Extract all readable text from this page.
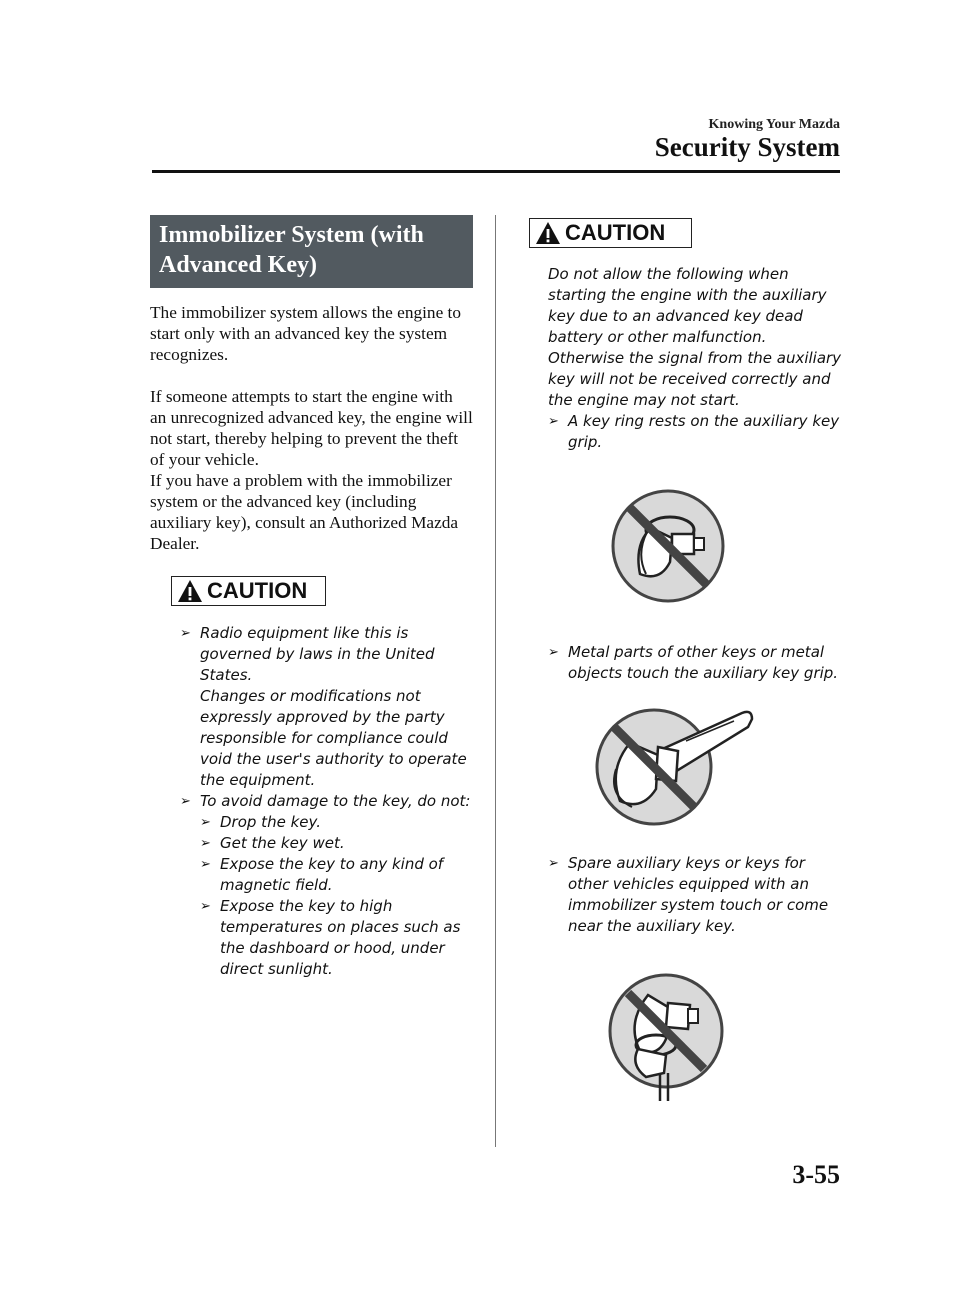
Knowing Your Mazda
Security System
Immobilizer System (with
Advanced Key)

The immobilizer system allows the engine to start only with an advanced key the system recognizes.

If someone attempts to start the engine with an unrecognized advanced key, the engine will not start, thereby helping to prevent the theft of your vehicle.

If you have a problem with the immobilizer system or the advanced key (including auxiliary key), consult an Authorized Mazda Dealer.

CAUTION
➢ Radio equipment like this is governed by laws in the United States.
Changes or modifications not expressly approved by the party responsible for compliance could void the user's authority to operate the equipment.
➢ To avoid damage to the key, do not:
➢ Drop the key.
➢ Get the key wet.
➢ Expose the key to any kind of magnetic field.
➢ Expose the key to high temperatures on places such as the dashboard or hood, under direct sunlight.
CAUTION

Do not allow the following when starting the engine with the auxiliary key due to an advanced key dead battery or other malfunction. Otherwise the signal from the auxiliary key will not be received correctly and the engine may not start.

➢ A key ring rests on the auxiliary key grip.
➢ Metal parts of other keys or metal objects touch the auxiliary key grip.
➢ Spare auxiliary keys or keys for other vehicles equipped with an immobilizer system touch or come near the auxiliary key.
3-55
